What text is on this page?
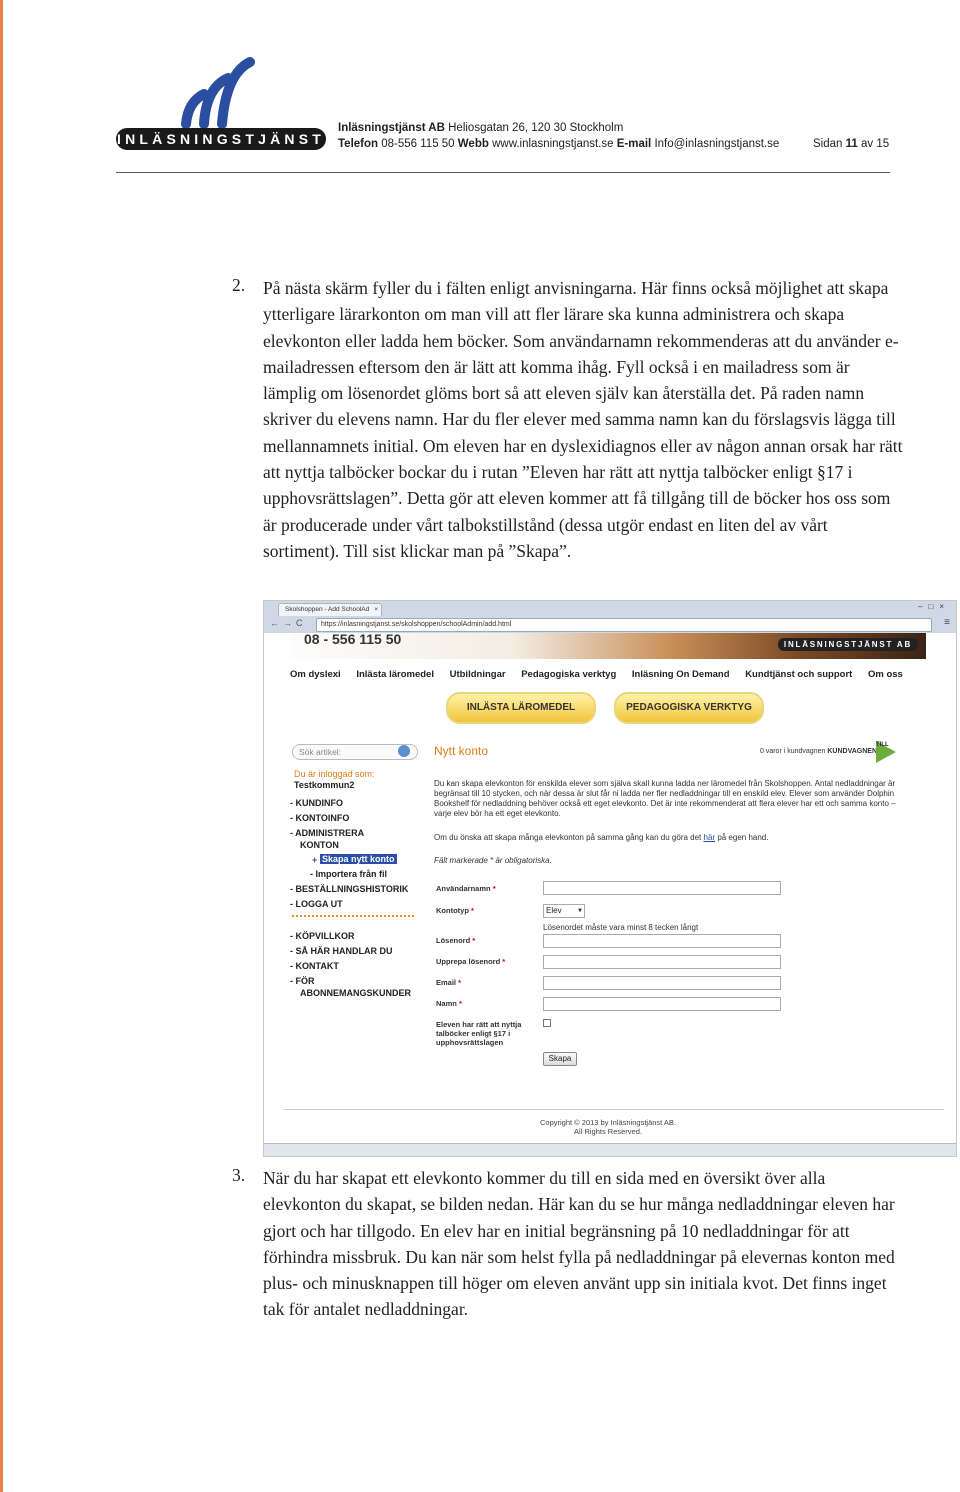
INLÄSNINGSTJÄNST AB
Inläsningstjänst AB Heliosgatan 26, 120 30 Stockholm
Telefon 08-556 115 50 Webb www.inlasningstjanst.se E-mail Info@inlasningstjanst.se	Sidan 11 av 15
2. På nästa skärm fyller du i fälten enligt anvisningarna. Här finns också möjlighet att skapa ytterligare lärarkonton om man vill att fler lärare ska kunna administrera och skapa elevkonton eller ladda hem böcker. Som användarnamn rekommenderas att du använder e-mailadressen eftersom den är lätt att komma ihåg. Fyll också i en mailadress som är lämplig om lösenordet glöms bort så att eleven själv kan återställa det. På raden namn skriver du elevens namn. Har du fler elever med samma namn kan du förslagsvis lägga till mellannamnets initial. Om eleven har en dyslexidiagnos eller av någon annan orsak har rätt att nyttja talböcker bockar du i rutan ”Eleven har rätt att nyttja talböcker enligt §17 i upphovsrättslagen”. Detta gör att eleven kommer att få tillgång till de böcker hos oss som är producerade under vårt talbokstillstånd (dessa utgör endast en liten del av vårt sortiment). Till sist klickar man på ”Skapa”.
Skolshoppen - Add SchoolAd ×	–□×
←→C	https://inlasningstjanst.se/skolshoppen/schoolAdmin/add.html	≡
08 - 556 115 50	INLÄSNINGSTJÄNST AB
Om dyslexi Inlästa läromedel Utbildningar Pedagogiska verktyg Inläsning On Demand Kundtjänst och support Om oss
INLÄSTA LÄROMEDEL	PEDAGOGISKA VERKTYG
Sök artikel:
Du är inloggad som:
Testkommun2
- KUNDINFO
- KONTOINFO
- ADMINISTRERA
KONTON
+ Skapa nytt konto
- Importera från fil
- BESTÄLLNINGSHISTORIK
- LOGGA UT
- KÖPVILLKOR
- SÅ HÄR HANDLAR DU
- KONTAKT
- FÖR
ABONNEMANGSKUNDER
Nytt konto	0 varor i kundvagnen KUNDVAGNEN
TILL
Du kan skapa elevkonton för enskilda elever som själva skall kunna ladda ner läromedel från Skolshoppen. Antal nedladdningar är begränsat till 10 stycken, och när dessa är slut får ni ladda ner fler nedladdningar till en enskild elev. Elever som använder Dolphin Bookshelf för nedladdning behöver också ett eget elevkonto. Det är inte rekommenderat att flera elever har ett och samma konto – varje elev bör ha ett eget elevkonto.
Om du önska att skapa många elevkonton på samma gång kan du göra det här på egen hand.
Fält markerade * är obligatoriska.
Användarnamn *
Kontotyp *	Elev	▼
Lösenordet måste vara minst 8 tecken långt
Lösenord *
Upprepa lösenord *
Email *
Namn *
Eleven har rätt att nyttja
talböcker enligt §17 i
upphovsrättslagen
Skapa
Copyright © 2013 by Inläsningstjänst AB.
All Rights Reserved.
3. När du har skapat ett elevkonto kommer du till en sida med en översikt över alla elevkonton du skapat, se bilden nedan. Här kan du se hur många nedladdningar eleven har gjort och har tillgodo. En elev har en initial begränsning på 10 nedladdningar för att förhindra missbruk. Du kan när som helst fylla på nedladdningar på elevernas konton med plus- och minusknappen till höger om eleven använt upp sin initiala kvot. Det finns inget tak för antalet nedladdningar.
